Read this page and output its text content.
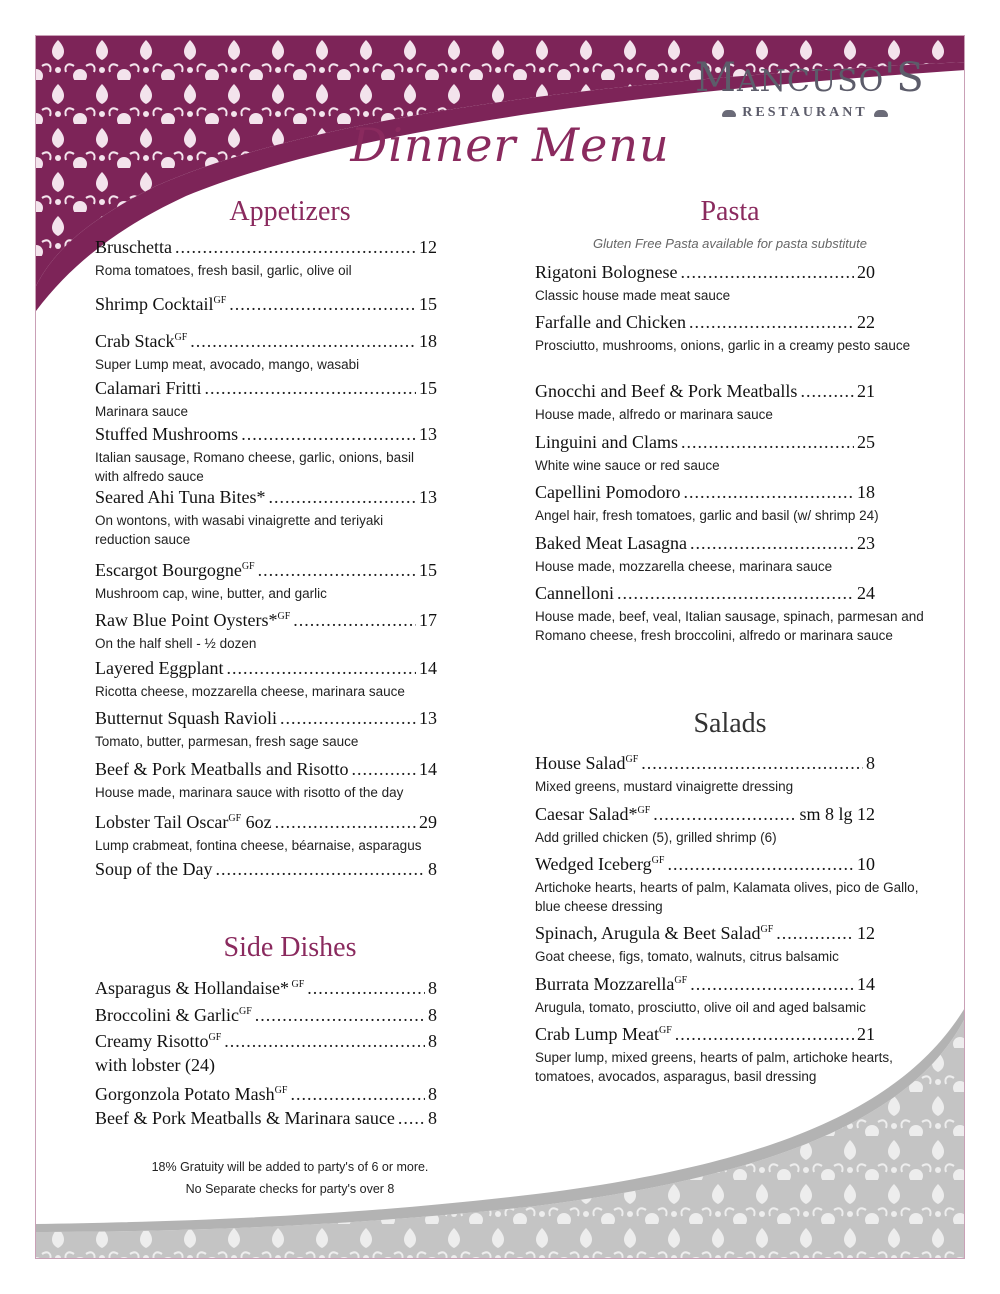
MANCUSO'S
RESTAURANT
Dinner Menu
Appetizers	Pasta
Gluten Free Pasta available for pasta substitute
Salads
Side Dishes
Bruschetta .....	12
Roma tomatoes, fresh basil, garlic, olive oil
Shrimp Cocktail$^{GF}$ .....	15
Crab Stack$^{GF}$ .....	18
Super Lump meat, avocado, mango, wasabi
Calamari Fritti .....	15
Marinara sauce
Stuffed Mushrooms .....	13
Italian sausage, Romano cheese, garlic, onions, basil with alfredo sauce
Seared Ahi Tuna Bites* .....	13
On wontons, with wasabi vinaigrette and teriyaki reduction sauce
Escargot Bourgogne$^{GF}$ .....	15
Mushroom cap, wine, butter, and garlic
Raw Blue Point Oysters*$^{GF}$ .....	17
On the half shell - ½ dozen
Layered Eggplant .....	14
Ricotta cheese, mozzarella cheese, marinara sauce
Butternut Squash Ravioli .....	13
Tomato, butter, parmesan, fresh sage sauce
Beef & Pork Meatballs and Risotto .....	14
House made, marinara sauce with risotto of the day
Lobster Tail Oscar$^{GF}$ 6oz .....	29
Lump crabmeat, fontina cheese, béarnaise, asparagus
Soup of the Day .....	8
Rigatoni Bolognese .....	20
Classic house made meat sauce
Farfalle and Chicken .....	22
Prosciutto, mushrooms, onions, garlic in a creamy pesto sauce
Gnocchi and Beef & Pork Meatballs .....	21
House made, alfredo or marinara sauce
Linguini and Clams .....	25
White wine sauce or red sauce
Capellini Pomodoro .....	18
Angel hair, fresh tomatoes, garlic and basil (w/ shrimp 24)
Baked Meat Lasagna .....	23
House made, mozzarella cheese, marinara sauce
Cannelloni .....	24
House made, beef, veal, Italian sausage, spinach, parmesan and Romano cheese, fresh broccolini, alfredo or marinara sauce
House Salad$^{GF}$ .....	8
Mixed greens, mustard vinaigrette dressing
Caesar Salad*$^{GF}$ .....	sm 8 lg 12
Add grilled chicken (5), grilled shrimp (6)
Wedged Iceberg$^{GF}$ .....	10
Artichoke hearts, hearts of palm, Kalamata olives, pico de Gallo, blue cheese dressing
Spinach, Arugula & Beet Salad$^{GF}$ .....	12
Goat cheese, figs, tomato, walnuts, citrus balsamic
Burrata Mozzarella$^{GF}$ .....	14
Arugula, tomato, prosciutto, olive oil and aged balsamic
Crab Lump Meat$^{GF}$ .....	21
Super lump, mixed greens, hearts of palm, artichoke hearts, tomatoes, avocados, asparagus, basil dressing
Asparagus & Hollandaise* $^{GF}$ .....	8
Broccolini & Garlic$^{GF}$ .....	8
Creamy Risotto$^{GF}$ .....	8
with lobster (24)
Gorgonzola Potato Mash$^{GF}$ .....	8
Beef & Pork Meatballs & Marinara sauce ..... 8
18% Gratuity will be added to party's of 6 or more.
No Separate checks for party's over 8
